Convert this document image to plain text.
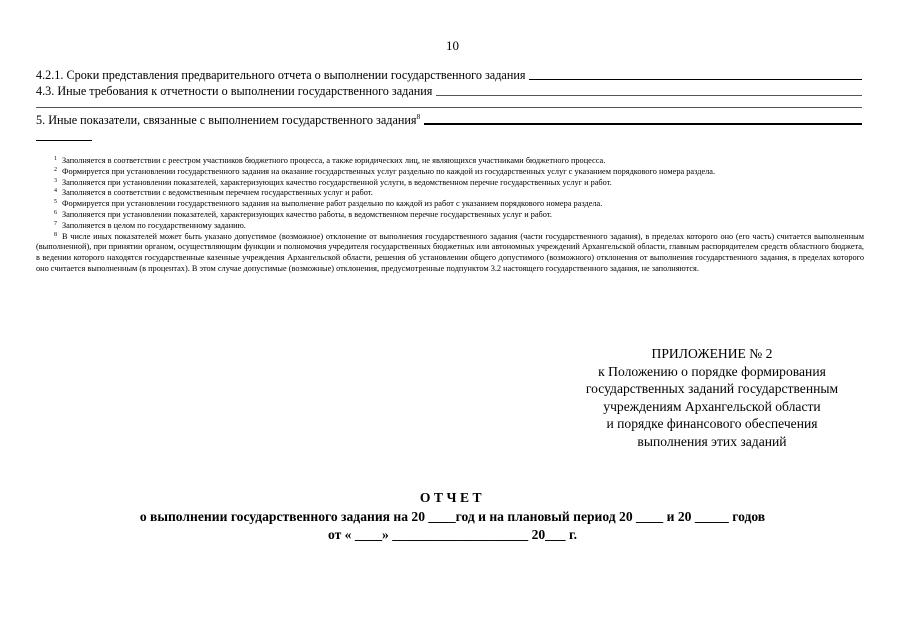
10
4.2.1. Сроки представления предварительного отчета о выполнении государственного задания
4.3. Иные требования к отчетности о выполнении государственного задания
5. Иные показатели, связанные с выполнением государственного задания$^8$

$^1$ Заполняется в соответствии с реестром участников бюджетного процесса, а также юридических лиц, не являющихся участниками бюджетного процесса.

$^2$ Формируется при установлении государственного задания на оказание государственных услуг раздельно по каждой из государственных услуг с указанием порядкового номера раздела.

$^3$ Заполняется при установлении показателей, характеризующих качество государственной услуги, в ведомственном перечне государственных услуг и работ.

$^4$ Заполняется в соответствии с ведомственным перечнем государственных услуг и работ.

$^5$ Формируется при установлении государственного задания на выполнение работ раздельно по каждой из работ с указанием порядкового номера раздела.

$^6$ Заполняется при установлении показателей, характеризующих качество работы, в ведомственном перечне государственных услуг и работ.

$^7$ Заполняется в целом по государственному заданию.

$^8$ В числе иных показателей может быть указано допустимое (возможное) отклонение от выполнения государственного задания (части государственного задания), в пределах которого оно (его часть) считается выполненным (выполненной), при принятии органом, осуществляющим функции и полномочия учредителя государственных бюджетных или автономных учреждений Архангельской области, главным распорядителем средств областного бюджета, в ведении которого находятся государственные казенные учреждения Архангельской области, решения об установлении общего допустимого (возможного) отклонения от выполнения государственного задания, в пределах которого оно считается выполненным (в процентах). В этом случае допустимые (возможные) отклонения, предусмотренные подпунктом 3.2 настоящего государственного задания, не заполняются.

ПРИЛОЖЕНИЕ № 2
к Положению о порядке формирования
государственных заданий государственным
учреждениям Архангельской области
и порядке финансового обеспечения
выполнения этих заданий
ОТЧЕТ
о выполнении государственного задания на 20 ____год и на плановый период 20 ____ и 20 _____ годов
от « ____» ____________________ 20___ г.
